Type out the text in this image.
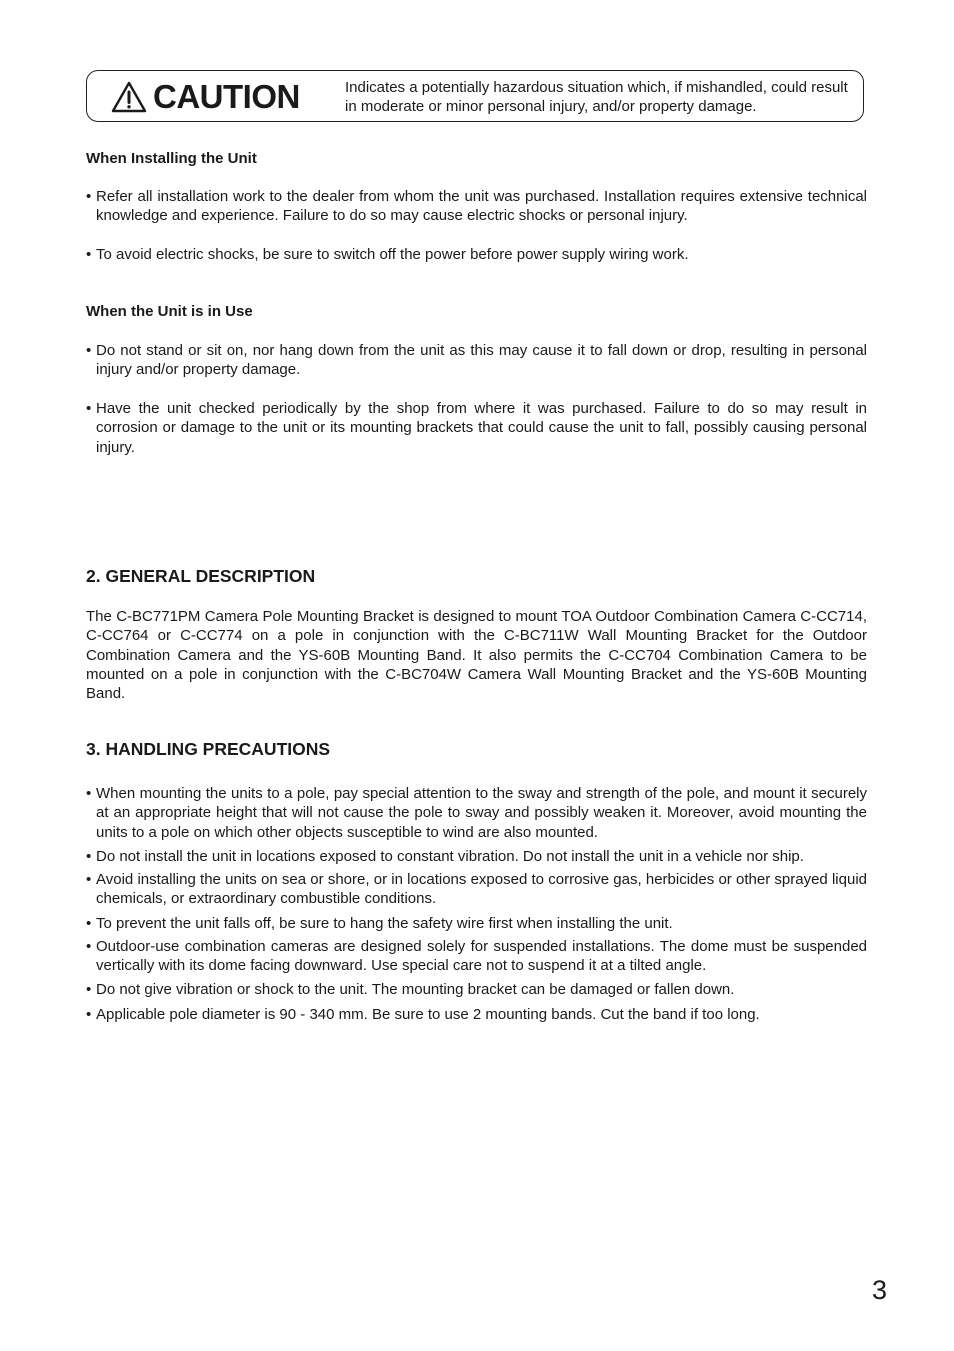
CAUTION	Indicates a potentially hazardous situation which, if mishandled, could result in moderate or minor personal injury, and/or property damage.
When Installing the Unit
• Refer all installation work to the dealer from whom the unit was purchased. Installation requires extensive technical knowledge and experience. Failure to do so may cause electric shocks or personal injury.
• To avoid electric shocks, be sure to switch off the power before power supply wiring work.
When the Unit is in Use
• Do not stand or sit on, nor hang down from the unit as this may cause it to fall down or drop, resulting in personal injury and/or property damage.
• Have the unit checked periodically by the shop from where it was purchased. Failure to do so may result in corrosion or damage to the unit or its mounting brackets that could cause the unit to fall, possibly causing personal injury.
2. GENERAL DESCRIPTION
The C-BC771PM Camera Pole Mounting Bracket is designed to mount TOA Outdoor Combination Camera C-CC714, C-CC764 or C-CC774 on a pole in conjunction with the C-BC711W Wall Mounting Bracket for the Outdoor Combination Camera and the YS-60B Mounting Band. It also permits the C-CC704 Combination Camera to be mounted on a pole in conjunction with the C-BC704W Camera Wall Mounting Bracket and the YS-60B Mounting Band.
3. HANDLING PRECAUTIONS
• When mounting the units to a pole, pay special attention to the sway and strength of the pole, and mount it securely at an appropriate height that will not cause the pole to sway and possibly weaken it. Moreover, avoid mounting the units to a pole on which other objects susceptible to wind are also mounted.
• Do not install the unit in locations exposed to constant vibration. Do not install the unit in a vehicle nor ship.
• Avoid installing the units on sea or shore, or in locations exposed to corrosive gas, herbicides or other sprayed liquid chemicals, or extraordinary combustible conditions.
• To prevent the unit falls off, be sure to hang the safety wire first when installing the unit.
• Outdoor-use combination cameras are designed solely for suspended installations. The dome must be suspended vertically with its dome facing downward. Use special care not to suspend it at a tilted angle.
• Do not give vibration or shock to the unit. The mounting bracket can be damaged or fallen down.
• Applicable pole diameter is 90 - 340 mm. Be sure to use 2 mounting bands. Cut the band if too long.
3
